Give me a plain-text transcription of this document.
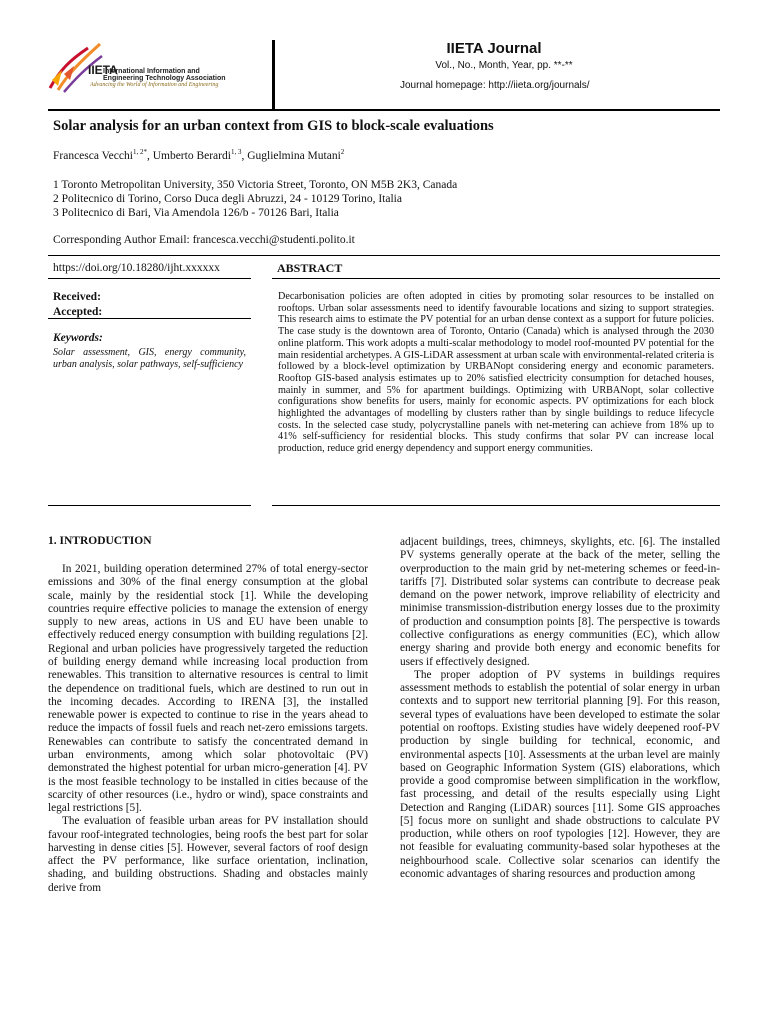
IIETA
International Information and
Engineering Technology Association
Advancing the World of Information and Engineering
IIETA Journal
Vol., No., Month, Year, pp. **-**
Journal homepage: http://iieta.org/journals/
Solar analysis for an urban context from GIS to block-scale evaluations
Francesca Vecchi$^{1, 2*}$, Umberto Berardi$^{1, 3}$, Guglielmina Mutani$^2$
1 Toronto Metropolitan University, 350 Victoria Street, Toronto, ON M5B 2K3, Canada
2 Politecnico di Torino, Corso Duca degli Abruzzi, 24 - 10129 Torino, Italia
3 Politecnico di Bari, Via Amendola 126/b - 70126 Bari, Italia
Corresponding Author Email: francesca.vecchi@studenti.polito.it
https://doi.org/10.18280/ijht.xxxxxx	ABSTRACT
Received:
Accepted:
Keywords:
Solar assessment, GIS, energy community, urban analysis, solar pathways, self-sufficiency
Decarbonisation policies are often adopted in cities by promoting solar resources to be installed on rooftops. Urban solar assessments need to identify favourable locations and sizing to support strategies. This research aims to estimate the PV potential for an urban dense context as a support for future policies. The case study is the downtown area of Toronto, Ontario (Canada) which is analysed through the 2030 online platform. This work adopts a multi-scalar methodology to model roof-mounted PV potential for the main residential archetypes. A GIS-LiDAR assessment at urban scale with environmental-related criteria is followed by a block-level optimization by URBANopt considering energy and economic parameters. Rooftop GIS-based analysis estimates up to 20% satisfied electricity consumption for detached houses, mainly in summer, and 5% for apartment buildings. Optimizing with URBANopt, solar collective configurations show benefits for users, mainly for economic aspects. PV optimizations for each block highlighted the advantages of modelling by clusters rather than by single buildings to reduce lifecycle costs. In the selected case study, polycrystalline panels with net-metering can achieve from 18% up to 41% self-sufficiency for residential blocks. This study confirms that solar PV can increase local production, reduce grid energy dependency and support energy communities.
1. INTRODUCTION

In 2021, building operation determined 27% of total energy-sector emissions and 30% of the final energy consumption at the global scale, mainly by the residential stock [1]. While the developing countries require effective policies to manage the extension of energy supply to new areas, actions in US and EU have been unable to effectively reduced energy consumption with building regulations [2]. Regional and urban policies have progressively targeted the reduction of building energy demand while increasing local production from renewables. This transition to alternative resources is central to limit the dependence on traditional fuels, which are destined to run out in the incoming decades. According to IRENA [3], the installed renewable power is expected to continue to rise in the years ahead to reduce the impacts of fossil fuels and reach net-zero emissions targets. Renewables can contribute to satisfy the concentrated demand in urban environments, among which solar photovoltaic (PV) demonstrated the highest potential for urban micro-generation [4]. PV is the most feasible technology to be installed in cities because of the scarcity of other resources (i.e., hydro or wind), space constraints and legal restrictions [5].

The evaluation of feasible urban areas for PV installation should favour roof-integrated technologies, being roofs the best part for solar harvesting in dense cities [5]. However, several factors of roof design affect the PV performance, like surface orientation, inclination, shading, and building obstructions. Shading and obstacles mainly derive from

adjacent buildings, trees, chimneys, skylights, etc. [6]. The installed PV systems generally operate at the back of the meter, selling the overproduction to the main grid by net-metering schemes or feed-in-tariffs [7]. Distributed solar systems can contribute to decrease peak demand on the power network, improve reliability of electricity and minimise transmission-distribution energy losses due to the proximity of production and consumption points [8]. The perspective is towards collective configurations as energy communities (EC), which allow energy sharing and provide both energy and economic benefits for users if effectively designed.

The proper adoption of PV systems in buildings requires assessment methods to establish the potential of solar energy in urban contexts and to support new territorial planning [9]. For this reason, several types of evaluations have been developed to estimate the solar potential on rooftops. Existing studies have widely deepened roof-PV production by single building for technical, economic, and environmental aspects [10]. Assessments at the urban level are mainly based on Geographic Information System (GIS) elaborations, which provide a good compromise between simplification in the workflow, fast processing, and detail of the results especially using Light Detection and Ranging (LiDAR) sources [11]. Some GIS approaches [5] focus more on sunlight and shade obstructions to calculate PV production, while others on roof typologies [12]. However, they are not feasible for evaluating community-based solar hypotheses at the neighbourhood scale. Collective solar scenarios can identify the economic advantages of sharing resources and production among
